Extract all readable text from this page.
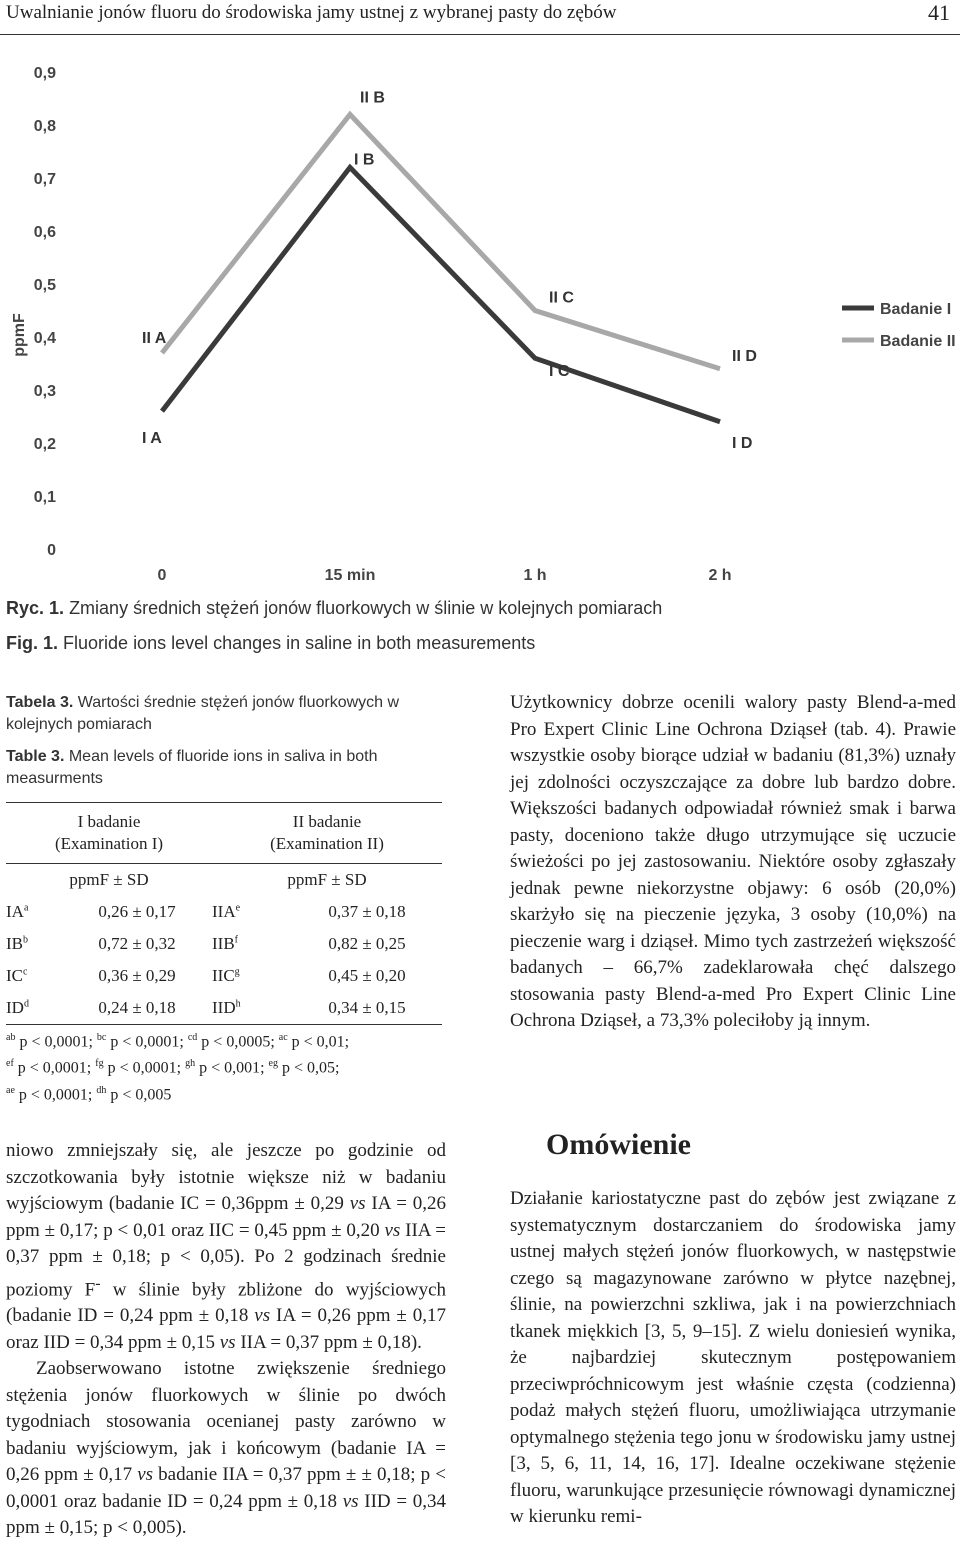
Uwalnianie jonów fluoru do środowiska jamy ustnej z wybranej pasty do zębów	41
0
0,1
0,2
0,3
0,4
0,5
0,6
0,7
0,8
0,9
0	15 min	1 h	2 h
ppmF
I A
I B
I C
I D
II A
II B
II C
II D
Badanie I
Badanie II
Ryc. 1. Zmiany średnich stężeń jonów fluorkowych w ślinie w kolejnych pomiarach
Fig. 1. Fluoride ions level changes in saline in both measurements
Tabela 3. Wartości średnie stężeń jonów fluorkowych w kolejnych pomiarach
Table 3. Mean levels of fluoride ions in saliva in both measurments
I badanie
(Examination I)		II badanie
(Examination II)	
ppmF ± SD		ppmF ± SD	
$IA^a$	0,26 ± 0,17	IIA$^e$	0,37 ± 0,18
$IB^b$	0,72 ± 0,32	IIB$^f$	0,82 ± 0,25
$IC^c$	0,36 ± 0,29	IIC$^g$	0,45 ± 0,20
$ID^d$	0,24 ± 0,18	IID$^h$	0,34 ± 0,15
$^{ab}$ p < 0,0001; $^{bc}$ p < 0,0001; $^{cd}$ p < 0,0005; $^{ac}$ p < 0,01;
$^{ef}$ p < 0,0001; $^{fg}$ p < 0,0001; $^{gh}$ p < 0,001; $^{eg}$ p < 0,05;
$^{ae}$ p < 0,0001; $^{dh}$ p < 0,005

Użytkownicy dobrze ocenili walory pasty Blend-a-med Pro Expert Clinic Line Ochrona Dziąseł (tab. 4). Prawie wszystkie osoby biorące udział w badaniu (81,3%) uznały jej zdolności oczyszczające za dobre lub bardzo dobre. Większości badanych odpowiadał również smak i barwa pasty, doceniono także długo utrzymujące się uczucie świeżości po jej zastosowaniu. Niektóre osoby zgłaszały jednak pewne niekorzystne objawy: 6 osób (20,0%) skarżyło się na pieczenie języka, 3 osoby (10,0%) na pieczenie warg i dziąseł. Mimo tych zastrzeżeń większość badanych – 66,7% zadeklarowała chęć dalszego stosowania pasty Blend-a-med Pro Expert Clinic Line Ochrona Dziąseł, a 73,3% poleciłoby ją innym.

niowo zmniejszały się, ale jeszcze po godzinie od szczotkowania były istotnie większe niż w badaniu wyjściowym (badanie IC = 0,36ppm ± 0,29 vs IA = 0,26 ppm ± 0,17; p < 0,01 oraz IIC = 0,45 ppm ± 0,20 vs IIA = 0,37 ppm ± 0,18; p < 0,05). Po 2 godzinach średnie poziomy F- w ślinie były zbliżone do wyjściowych (badanie ID = 0,24 ppm ± 0,18 vs IA = 0,26 ppm ± 0,17 oraz IID = 0,34 ppm ± 0,15 vs IIA = 0,37 ppm ± 0,18).

Zaobserwowano istotne zwiększenie średniego stężenia jonów fluorkowych w ślinie po dwóch tygodniach stosowania ocenianej pasty zarówno w badaniu wyjściowym, jak i końcowym (badanie IA = 0,26 ppm ± 0,17 vs badanie IIA = 0,37 ppm ± ± 0,18; p < 0,0001 oraz badanie ID = 0,24 ppm ± 0,18 vs IID = 0,34 ppm ± 0,15; p < 0,005).

Omówienie

Działanie kariostatyczne past do zębów jest związane z systematycznym dostarczaniem do środowiska jamy ustnej małych stężeń jonów fluorkowych, w następstwie czego są magazynowane zarówno w płytce nazębnej, ślinie, na powierzchni szkliwa, jak i na powierzchniach tkanek miękkich [3, 5, 9–15]. Z wielu doniesień wynika, że najbardziej skutecznym postępowaniem przeciwpróchnicowym jest właśnie częsta (codzienna) podaż małych stężeń fluoru, umożliwiająca utrzymanie optymalnego stężenia tego jonu w środowisku jamy ustnej [3, 5, 6, 11, 14, 16, 17]. Idealne oczekiwane stężenie fluoru, warunkujące przesunięcie równowagi dynamicznej w kierunku remi-
